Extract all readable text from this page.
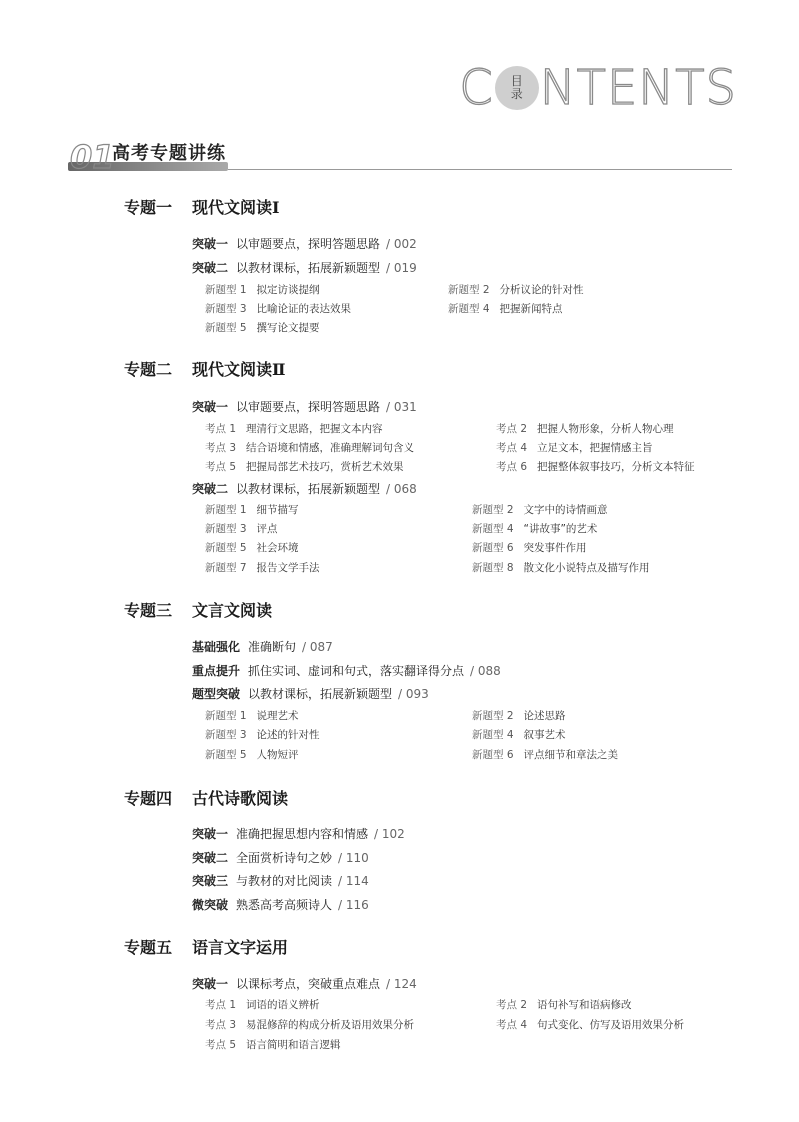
C 目
录 NTENTS
01
高考专题讲练
专题一 现代文阅读Ⅰ
突破一 以审题要点，探明答题思路 / 002
突破二 以教材课标，拓展新颖题型 / 019
新题型 1 拟定访谈提纲	新题型 2 分析议论的针对性
新题型 3 比喻论证的表达效果	新题型 4 把握新闻特点
新题型 5 撰写论文提要
专题二 现代文阅读Ⅱ
突破一 以审题要点，探明答题思路 / 031
考点 1 理清行文思路，把握文本内容	考点 2 把握人物形象，分析人物心理
考点 3 结合语境和情感，准确理解词句含义	考点 4 立足文本，把握情感主旨
考点 5 把握局部艺术技巧，赏析艺术效果	考点 6 把握整体叙事技巧，分析文本特征
突破二 以教材课标，拓展新颖题型 / 068
新题型 1 细节描写	新题型 2 文字中的诗情画意
新题型 3 评点	新题型 4 “讲故事”的艺术
新题型 5 社会环境	新题型 6 突发事件作用
新题型 7 报告文学手法	新题型 8 散文化小说特点及描写作用
专题三 文言文阅读
基础强化 准确断句 / 087
重点提升 抓住实词、虚词和句式，落实翻译得分点 / 088
题型突破 以教材课标，拓展新颖题型 / 093
新题型 1 说理艺术	新题型 2 论述思路
新题型 3 论述的针对性	新题型 4 叙事艺术
新题型 5 人物短评	新题型 6 评点细节和章法之美
专题四 古代诗歌阅读
突破一 准确把握思想内容和情感 / 102
突破二 全面赏析诗句之妙 / 110
突破三 与教材的对比阅读 / 114
微突破 熟悉高考高频诗人 / 116
专题五 语言文字运用
突破一 以课标考点，突破重点难点 / 124
考点 1 词语的语义辨析	考点 2 语句补写和语病修改
考点 3 易混修辞的构成分析及语用效果分析	考点 4 句式变化、仿写及语用效果分析
考点 5 语言简明和语言逻辑
